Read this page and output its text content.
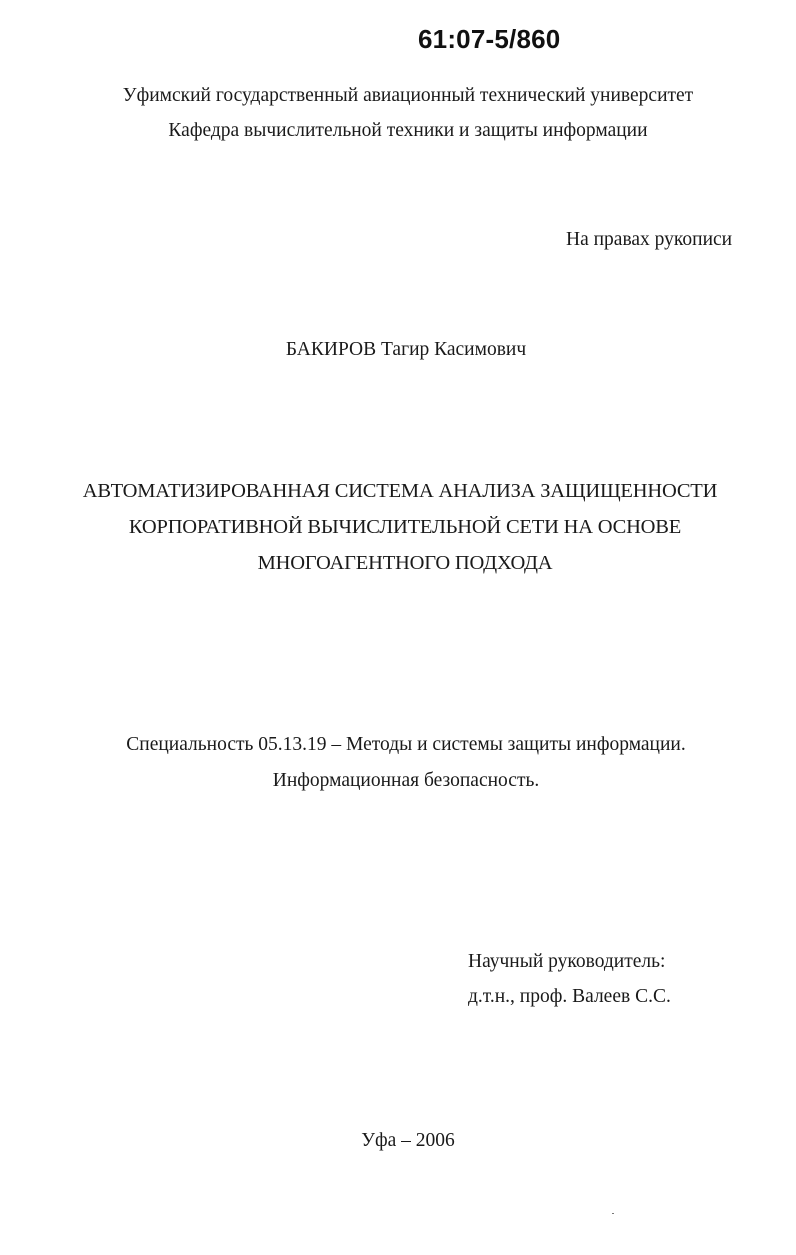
61:07-5/860
Уфимский государственный авиационный технический университет
Кафедра вычислительной техники и защиты информации
На правах рукописи
БАКИРОВ Тагир Касимович
АВТОМАТИЗИРОВАННАЯ СИСТЕМА АНАЛИЗА ЗАЩИЩЕННОСТИ
КОРПОРАТИВНОЙ ВЫЧИСЛИТЕЛЬНОЙ СЕТИ НА ОСНОВЕ
МНОГОАГЕНТНОГО ПОДХОДА
Специальность 05.13.19 – Методы и системы защиты информации.
Информационная безопасность.
Научный руководитель:
д.т.н., проф. Валеев С.С.
Уфа – 2006
